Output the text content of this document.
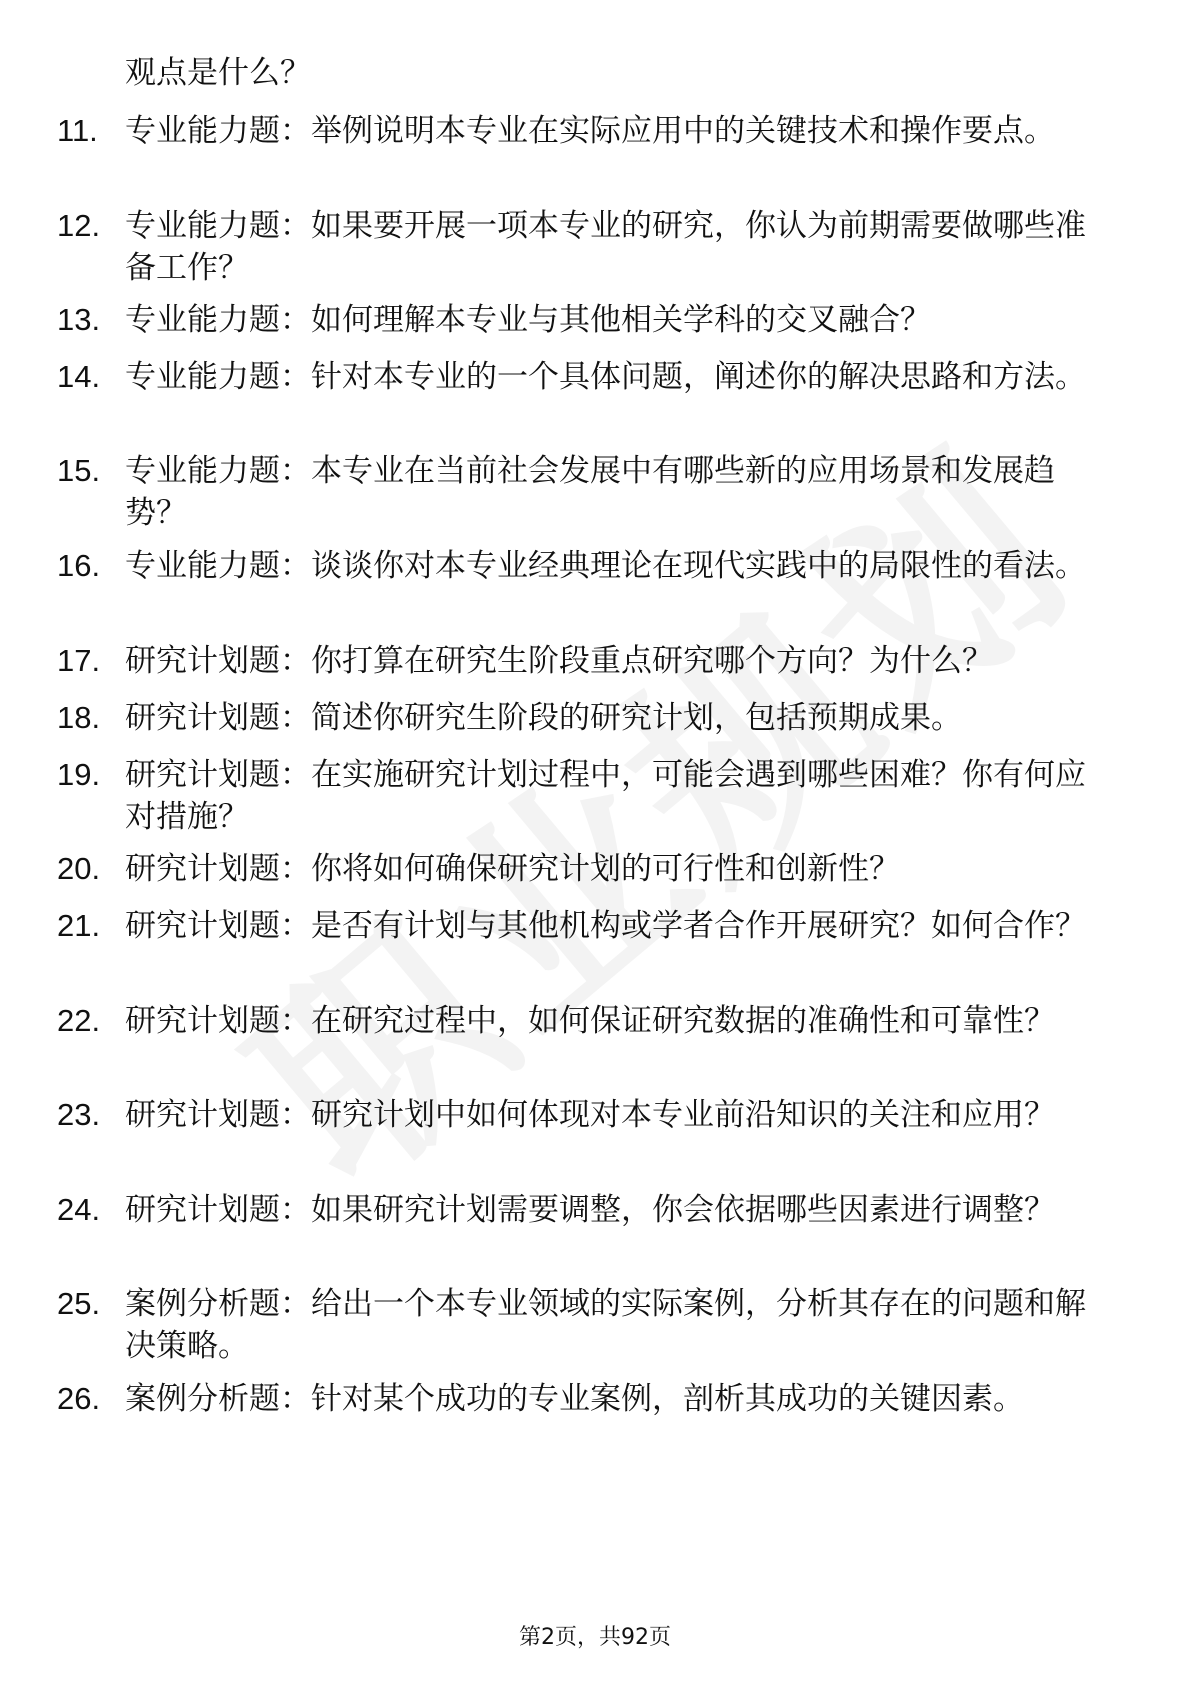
观点是什么？
11. 专业能力题：举例说明本专业在实际应用中的关键技术和操作要点。
12. 专业能力题：如果要开展一项本专业的研究，你认为前期需要做哪些准备工作？
13. 专业能力题：如何理解本专业与其他相关学科的交叉融合？
14. 专业能力题：针对本专业的一个具体问题，阐述你的解决思路和方法。
15. 专业能力题：本专业在当前社会发展中有哪些新的应用场景和发展趋势？
16. 专业能力题：谈谈你对本专业经典理论在现代实践中的局限性的看法。
17. 研究计划题：你打算在研究生阶段重点研究哪个方向？为什么？
18. 研究计划题：简述你研究生阶段的研究计划，包括预期成果。
19. 研究计划题：在实施研究计划过程中，可能会遇到哪些困难？你有何应对措施？
20. 研究计划题：你将如何确保研究计划的可行性和创新性？
21. 研究计划题：是否有计划与其他机构或学者合作开展研究？如何合作？
22. 研究计划题：在研究过程中，如何保证研究数据的准确性和可靠性？
23. 研究计划题：研究计划中如何体现对本专业前沿知识的关注和应用？
24. 研究计划题：如果研究计划需要调整，你会依据哪些因素进行调整？
25. 案例分析题：给出一个本专业领域的实际案例，分析其存在的问题和解决策略。
26. 案例分析题：针对某个成功的专业案例，剖析其成功的关键因素。
第2页，共92页
